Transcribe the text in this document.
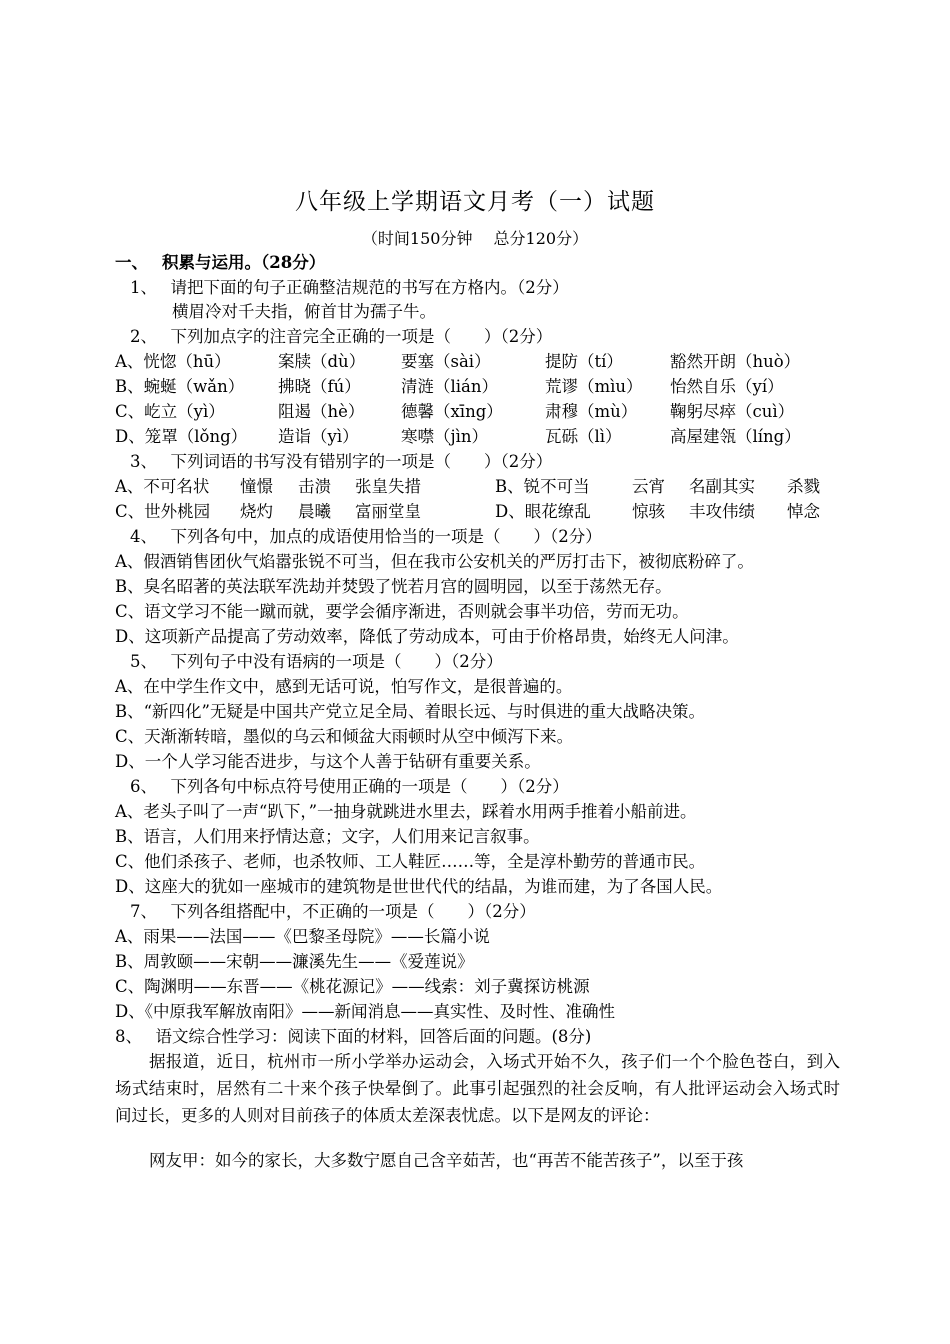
八年级上学期语文月考（一）试题
（时间150分钟　 总分120分）
一、　 积累与运用。（28分）
1、　 请把下面的句子正确整洁规范的书写在方格内。（2分）
横眉冷对千夫指，俯首甘为孺子牛。
2、　 下列加点字的注音完全正确的一项是（　　）（2分）
A、恍惚（hū）	案牍（dù） 要塞（sài）	提防（tí）	豁然开朗（huò）
B、蜿蜒（wǎn） 拂晓（fú） 清涟（lián）	荒谬（mìu） 怡然自乐（yí）
C、屹立（yì）	阻遏（hè） 德馨（xīng）	肃穆（mù） 鞠躬尽瘁（cuì）
D、笼罩（lǒng） 造诣（yì）	寒噤（jìn）	瓦砾（lì）	高屋建瓴（líng）
3、　 下列词语的书写没有错别字的一项是（　　）（2分）
A、不可名状 憧憬 击溃 张皇失措	B、锐不可当	云宵 名副其实 杀戮
C、世外桃园 烧灼 晨曦 富丽堂皇	D、眼花缭乱	惊骇 丰攻伟绩 悼念
4、　 下列各句中，加点的成语使用恰当的一项是（　　）（2分）
A、假酒销售团伙气焰嚣张锐不可当，但在我市公安机关的严厉打击下，被彻底粉碎了。
B、臭名昭著的英法联军洗劫并焚毁了恍若月宫的圆明园，以至于荡然无存。
C、语文学习不能一蹴而就，要学会循序渐进，否则就会事半功倍，劳而无功。
D、这项新产品提高了劳动效率，降低了劳动成本，可由于价格昂贵，始终无人问津。
5、　 下列句子中没有语病的一项是（　　）（2分）
A、在中学生作文中，感到无话可说，怕写作文，是很普遍的。
B、“新四化”无疑是中国共产党立足全局、着眼长远、与时俱进的重大战略决策。
C、天渐渐转暗，墨似的乌云和倾盆大雨顿时从空中倾泻下来。
D、一个人学习能否进步，与这个人善于钻研有重要关系。
6、　 下列各句中标点符号使用正确的一项是（　　）（2分）
A、老头子叫了一声“趴下，”一抽身就跳进水里去，踩着水用两手推着小船前进。
B、语言，人们用来抒情达意；文字，人们用来记言叙事。
C、他们杀孩子、老师，也杀牧师、工人鞋匠……等，全是淳朴勤劳的普通市民。
D、这座大的犹如一座城市的建筑物是世世代代的结晶，为谁而建，为了各国人民。
7、　 下列各组搭配中，不正确的一项是（　　）（2分）
A、雨果——法国——《巴黎圣母院》——长篇小说
B、周敦颐——宋朝——濂溪先生——《爱莲说》
C、陶渊明——东晋——《桃花源记》——线索：刘子冀探访桃源
D、《中原我军解放南阳》——新闻消息——真实性、及时性、准确性
8、　 语文综合性学习：阅读下面的材料，回答后面的问题。(8分)
据报道，近日，杭州市一所小学举办运动会，入场式开始不久，孩子们一个个脸色苍白，到入场式结束时，居然有二十来个孩子快晕倒了。此事引起强烈的社会反响，有人批评运动会入场式时间过长，更多的人则对目前孩子的体质太差深表忧虑。以下是网友的评论：
网友甲：如今的家长，大多数宁愿自己含辛茹苦，也“再苦不能苦孩子”，以至于孩
